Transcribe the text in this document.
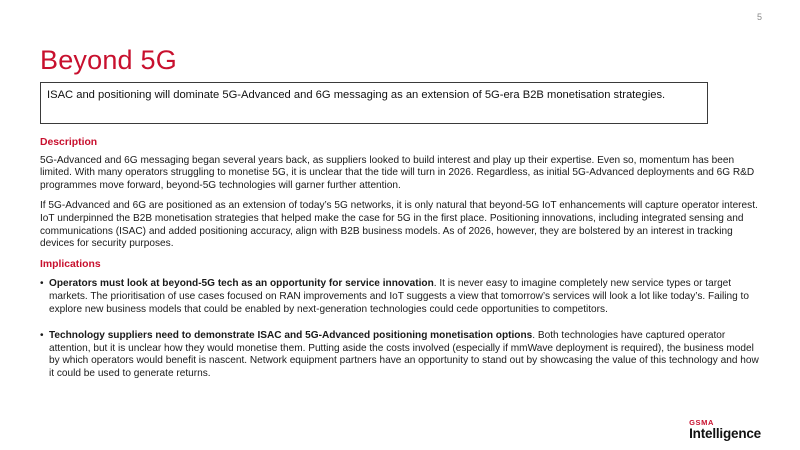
5
Beyond 5G
ISAC and positioning will dominate 5G-Advanced and 6G messaging as an extension of 5G-era B2B monetisation strategies.
Description

5G-Advanced and 6G messaging began several years back, as suppliers looked to build interest and play up their expertise. Even so, momentum has been limited. With many operators struggling to monetise 5G, it is unclear that the tide will turn in 2026. Regardless, as initial 5G-Advanced deployments and 6G R&D programmes move forward, beyond-5G technologies will garner further attention.

If 5G-Advanced and 6G are positioned as an extension of today’s 5G networks, it is only natural that beyond-5G IoT enhancements will capture operator interest. IoT underpinned the B2B monetisation strategies that helped make the case for 5G in the first place. Positioning innovations, including integrated sensing and communications (ISAC) and added positioning accuracy, align with B2B business models. As of 2026, however, they are bolstered by an interest in tracking devices for security purposes.

Implications
• Operators must look at beyond-5G tech as an opportunity for service innovation. It is never easy to imagine completely new service types or target markets. The prioritisation of use cases focused on RAN improvements and IoT suggests a view that tomorrow’s services will look a lot like today’s. Failing to explore new business models that could be enabled by next-generation technologies could cede opportunities to competitors.
• Technology suppliers need to demonstrate ISAC and 5G-Advanced positioning monetisation options. Both technologies have captured operator attention, but it is unclear how they would monetise them. Putting aside the costs involved (especially if mmWave deployment is required), the business model by which operators would benefit is nascent. Network equipment partners have an opportunity to stand out by showcasing the value of this technology and how it could be used to generate returns.
GSMA
Intelligence
